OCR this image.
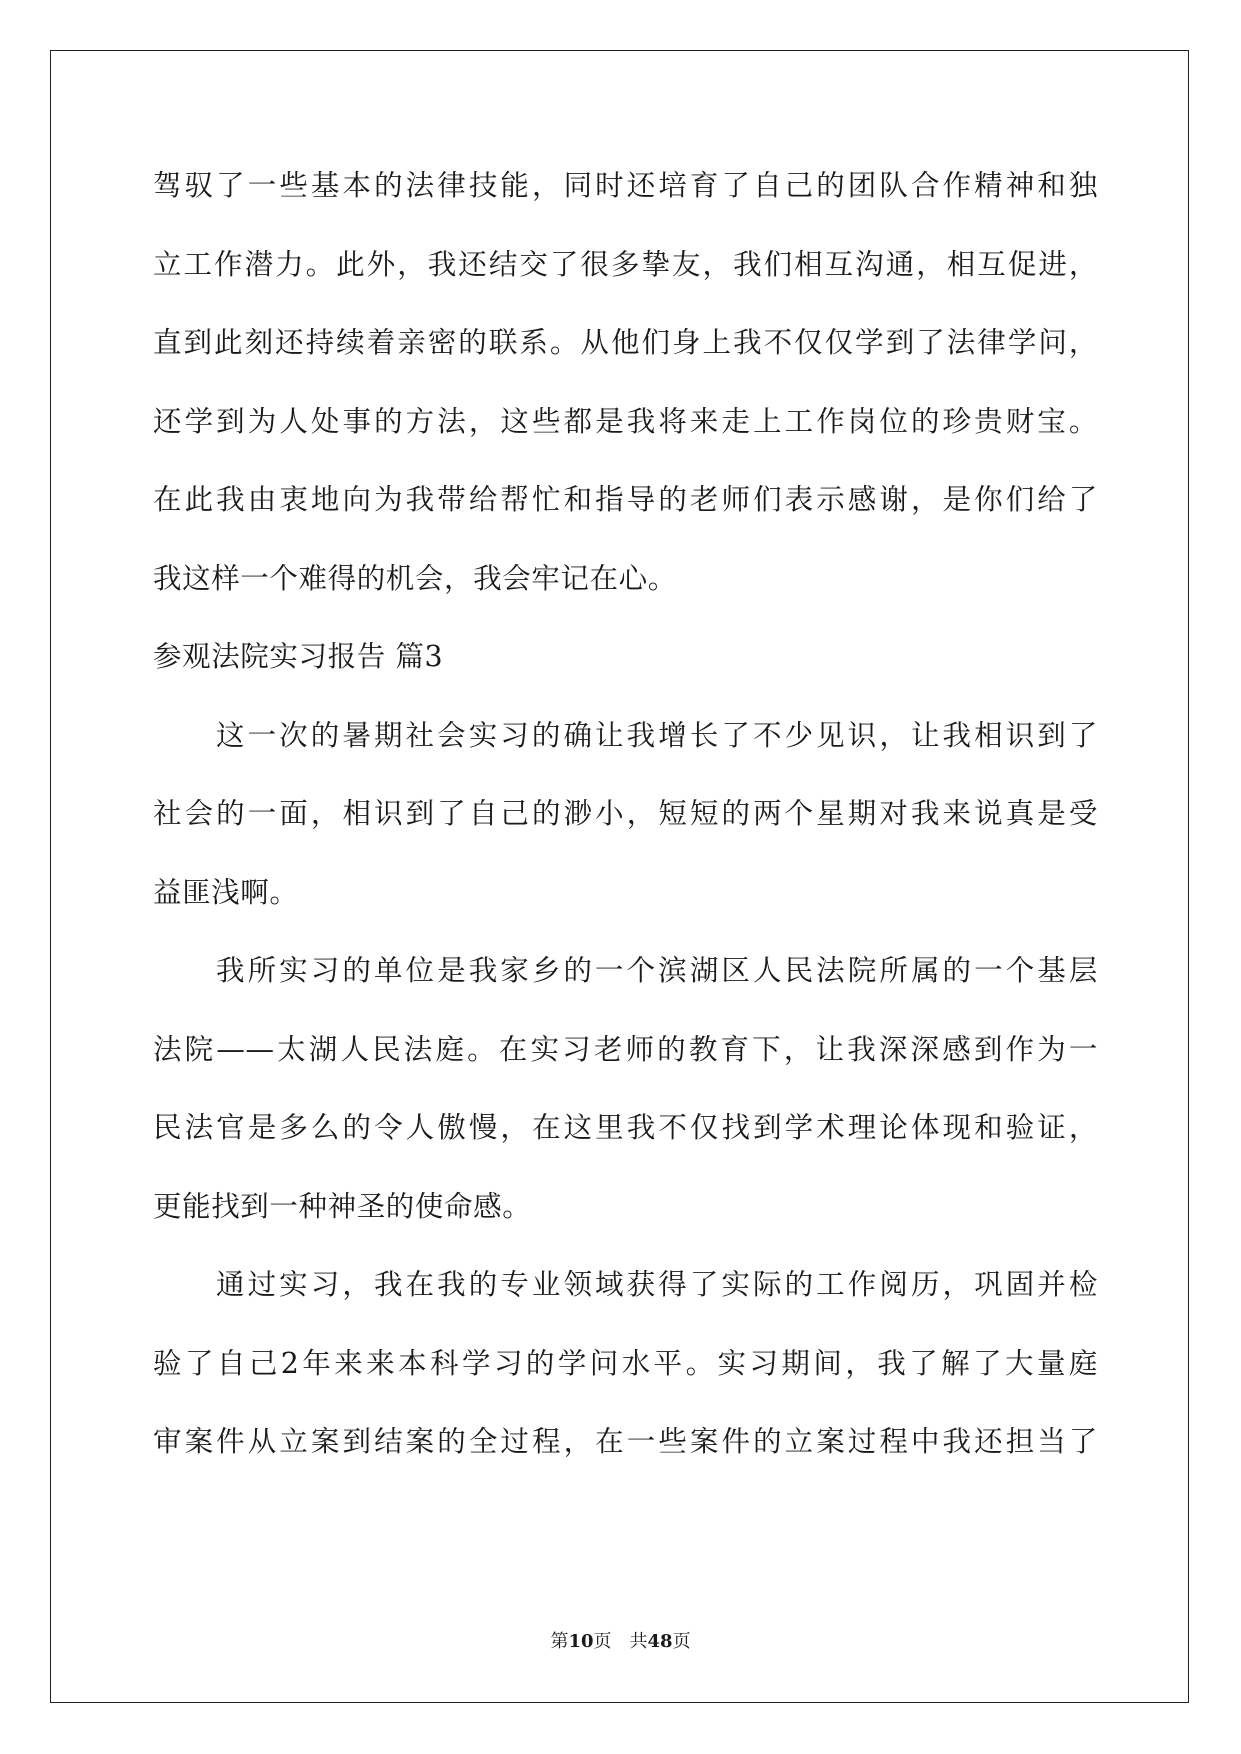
驾驭了一些基本的法律技能，同时还培育了自己的团队合作精神和独
立工作潜力。此外，我还结交了很多挚友，我们相互沟通，相互促进，
直到此刻还持续着亲密的联系。从他们身上我不仅仅学到了法律学问，
还学到为人处事的方法，这些都是我将来走上工作岗位的珍贵财宝。
在此我由衷地向为我带给帮忙和指导的老师们表示感谢，是你们给了
我这样一个难得的机会，我会牢记在心。
参观法院实习报告 篇3
这一次的暑期社会实习的确让我增长了不少见识，让我相识到了
社会的一面，相识到了自己的渺小，短短的两个星期对我来说真是受
益匪浅啊。
我所实习的单位是我家乡的一个滨湖区人民法院所属的一个基层
法院——太湖人民法庭。在实习老师的教育下，让我深深感到作为一
民法官是多么的令人傲慢，在这里我不仅找到学术理论体现和验证，
更能找到一种神圣的使命感。
通过实习，我在我的专业领域获得了实际的工作阅历，巩固并检
验了自己2年来来本科学习的学问水平。实习期间，我了解了大量庭
审案件从立案到结案的全过程，在一些案件的立案过程中我还担当了
第10页　共48页
